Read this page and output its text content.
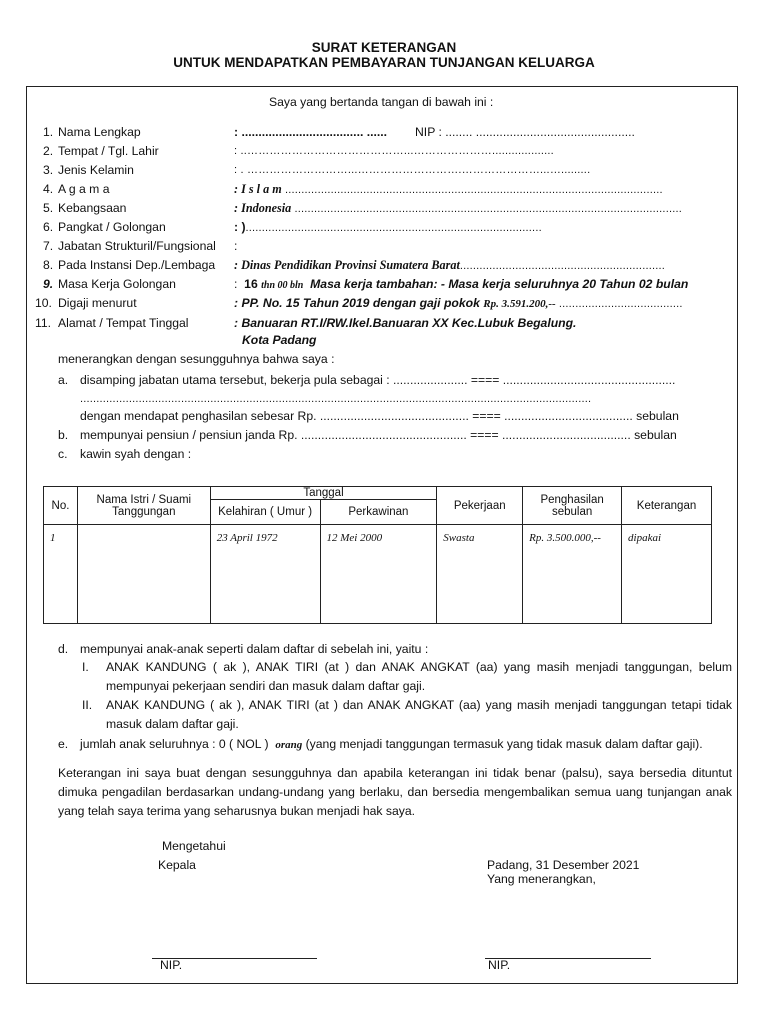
SURAT KETERANGAN
UNTUK MENDAPATKAN PEMBAYARAN TUNJANGAN KELUARGA
Saya yang bertanda tangan di bawah ini :
1. Nama Lengkap	: .................................... ...... NIP : ........ ...............................................
2. Tempat / Tgl. Lahir	: ..……………………………………...…………………...................
3. Jenis Kelamin	: . ………………………...……………………….…………………...….........
4. A g a m a	: I s l a m ....................................................................................................................
5. Kebangsaan	: Indonesia .......................................................................................................................
6. Pangkat / Golongan	: )...........................................................................................
7. Jabatan Strukturil/Fungsional :
8. Pada Instansi Dep./Lembaga : Dinas Pendidikan Provinsi Sumatera Barat...............................................................
9. Masa Kerja Golongan	: 16 thn 00 bln Masa kerja tambahan: - Masa kerja seluruhnya 20 Tahun 02 bulan
10. Digaji menurut	: PP. No. 15 Tahun 2019 dengan gaji pokok Rp. 3.591.200,-- ......................................
11. Alamat / Tempat Tinggal	: Banuaran RT.I/RW.Ikel.Banuaran XX Kec.Lubuk Begalung.
Kota Padang
menerangkan dengan sesungguhnya bahwa saya :
a. disamping jabatan utama tersebut, bekerja pula sebagai : ...................... ==== ...................................................
.............................................................................................................................................................
dengan mendapat penghasilan sebesar Rp. ............................................ ==== ...................................... sebulan
b. mempunyai pensiun / pensiun janda Rp. ................................................. ==== ...................................... sebulan
c. kawin syah dengan :
No.	Nama Istri / Suami Tanggungan	Tanggal		Pekerjaan	Penghasilan sebulan	Keterangan
		Kelahiran ( Umur )	Perkawinan			
1		23 April 1972	12 Mei 2000	Swasta	Rp. 3.500.000,--	dipakai
d. mempunyai anak-anak seperti dalam daftar di sebelah ini, yaitu :
I. ANAK KANDUNG ( ak ), ANAK TIRI (at ) dan ANAK ANGKAT (aa) yang masih menjadi tanggungan, belum mempunyai pekerjaan sendiri dan masuk dalam daftar gaji.
II. ANAK KANDUNG ( ak ), ANAK TIRI (at ) dan ANAK ANGKAT (aa) yang masih menjadi tanggungan tetapi tidak masuk dalam daftar gaji.
e. jumlah anak seluruhnya : 0 ( NOL ) orang (yang menjadi tanggungan termasuk yang tidak masuk dalam daftar gaji).
Keterangan ini saya buat dengan sesungguhnya dan apabila keterangan ini tidak benar (palsu), saya bersedia dituntut dimuka pengadilan berdasarkan undang-undang yang berlaku, dan bersedia mengembalikan semua uang tunjangan anak yang telah saya terima yang seharusnya bukan menjadi hak saya.
Mengetahui
Kepala	Padang, 31 Desember 2021
Yang menerangkan,
NIP.	NIP.
